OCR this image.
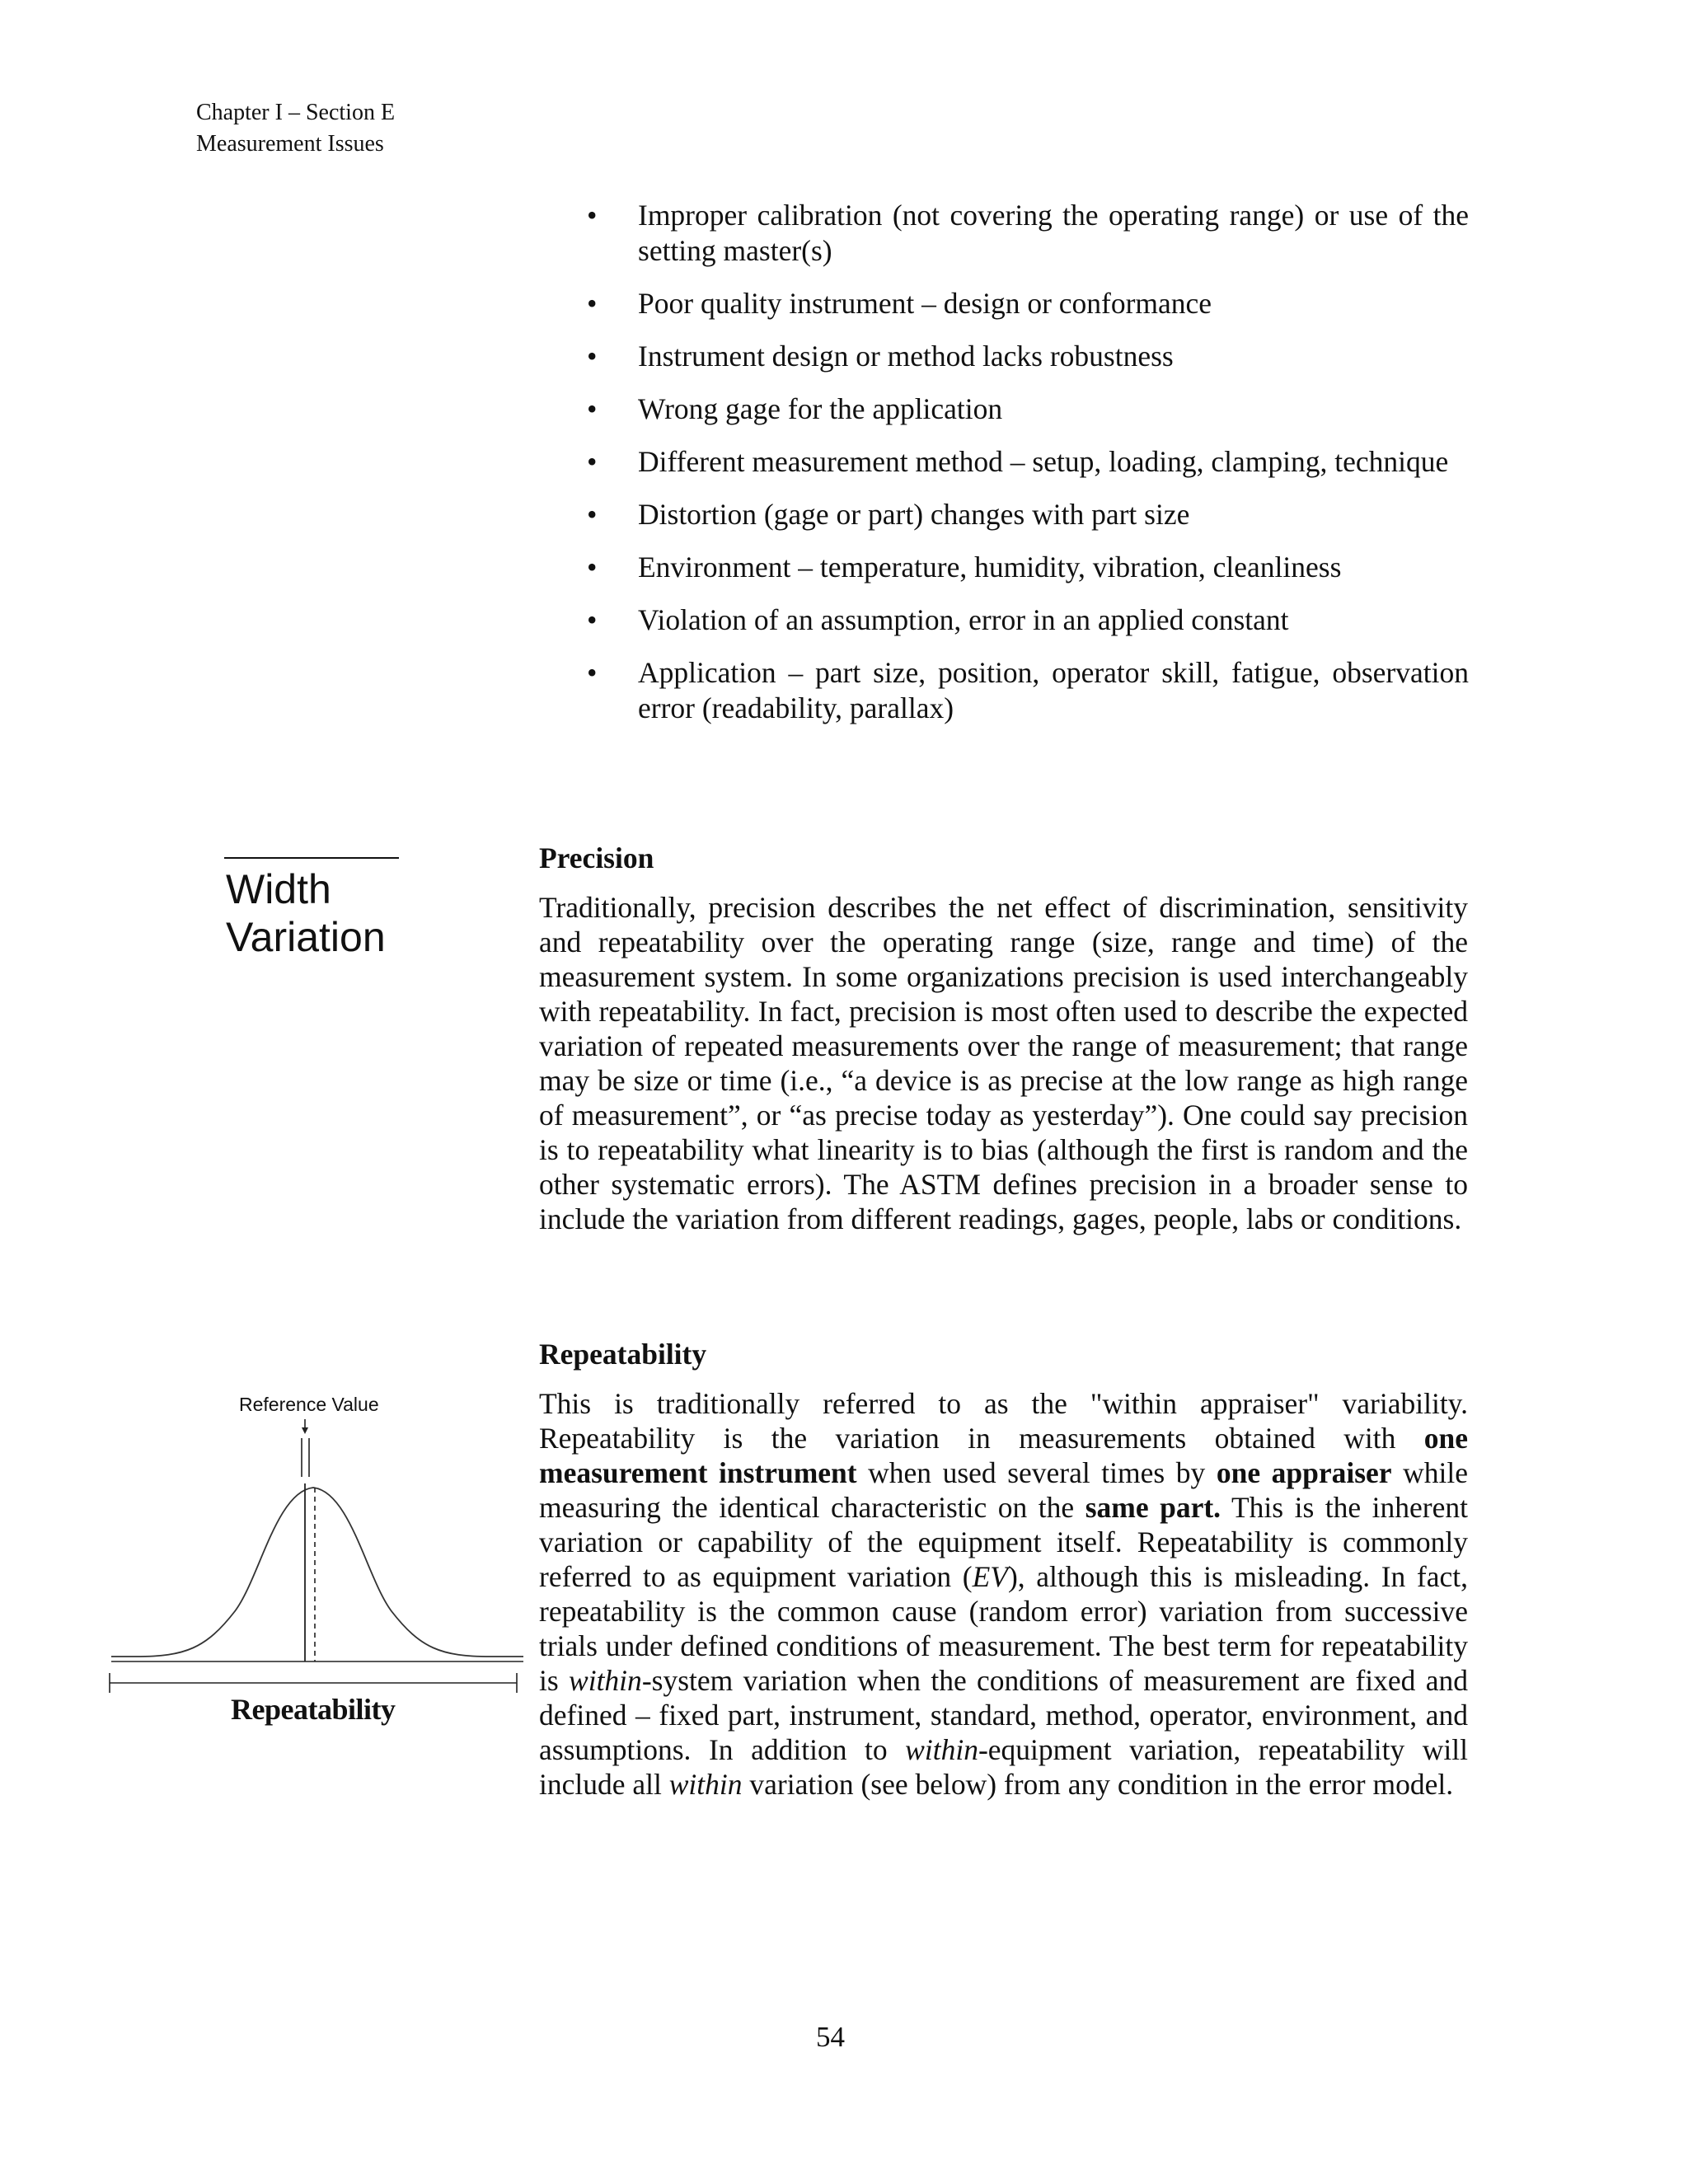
Chapter I – Section E
Measurement Issues
• Improper calibration (not covering the operating range) or use of the setting master(s)
• Poor quality instrument – design or conformance
• Instrument design or method lacks robustness
• Wrong gage for the application
• Different measurement method – setup, loading, clamping, technique
• Distortion (gage or part) changes with part size
• Environment – temperature, humidity, vibration, cleanliness
• Violation of an assumption, error in an applied constant
• Application – part size, position, operator skill, fatigue, observation error (readability, parallax)
Width
Variation
Precision

Traditionally, precision describes the net effect of discrimination, sensitivity and repeatability over the operating range (size, range and time) of the measurement system. In some organizations precision is used interchangeably with repeatability. In fact, precision is most often used to describe the expected variation of repeated measurements over the range of measurement; that range may be size or time (i.e., “a device is as precise at the low range as high range of measurement”, or “as precise today as yesterday”). One could say precision is to repeatability what linearity is to bias (although the first is random and the other systematic errors). The ASTM defines precision in a broader sense to include the variation from different readings, gages, people, labs or conditions.

Repeatability

This is traditionally referred to as the "within appraiser" variability. Repeatability is the variation in measurements obtained with one measurement instrument when used several times by one appraiser while measuring the identical characteristic on the same part. This is the inherent variation or capability of the equipment itself. Repeatability is commonly referred to as equipment variation (EV), although this is misleading. In fact, repeatability is the common cause (random error) variation from successive trials under defined conditions of measurement. The best term for repeatability is within-system variation when the conditions of measurement are fixed and defined – fixed part, instrument, standard, method, operator, environment, and assumptions. In addition to within-equipment variation, repeatability will include all within variation (see below) from any condition in the error model.

Reference Value
Repeatability
54
